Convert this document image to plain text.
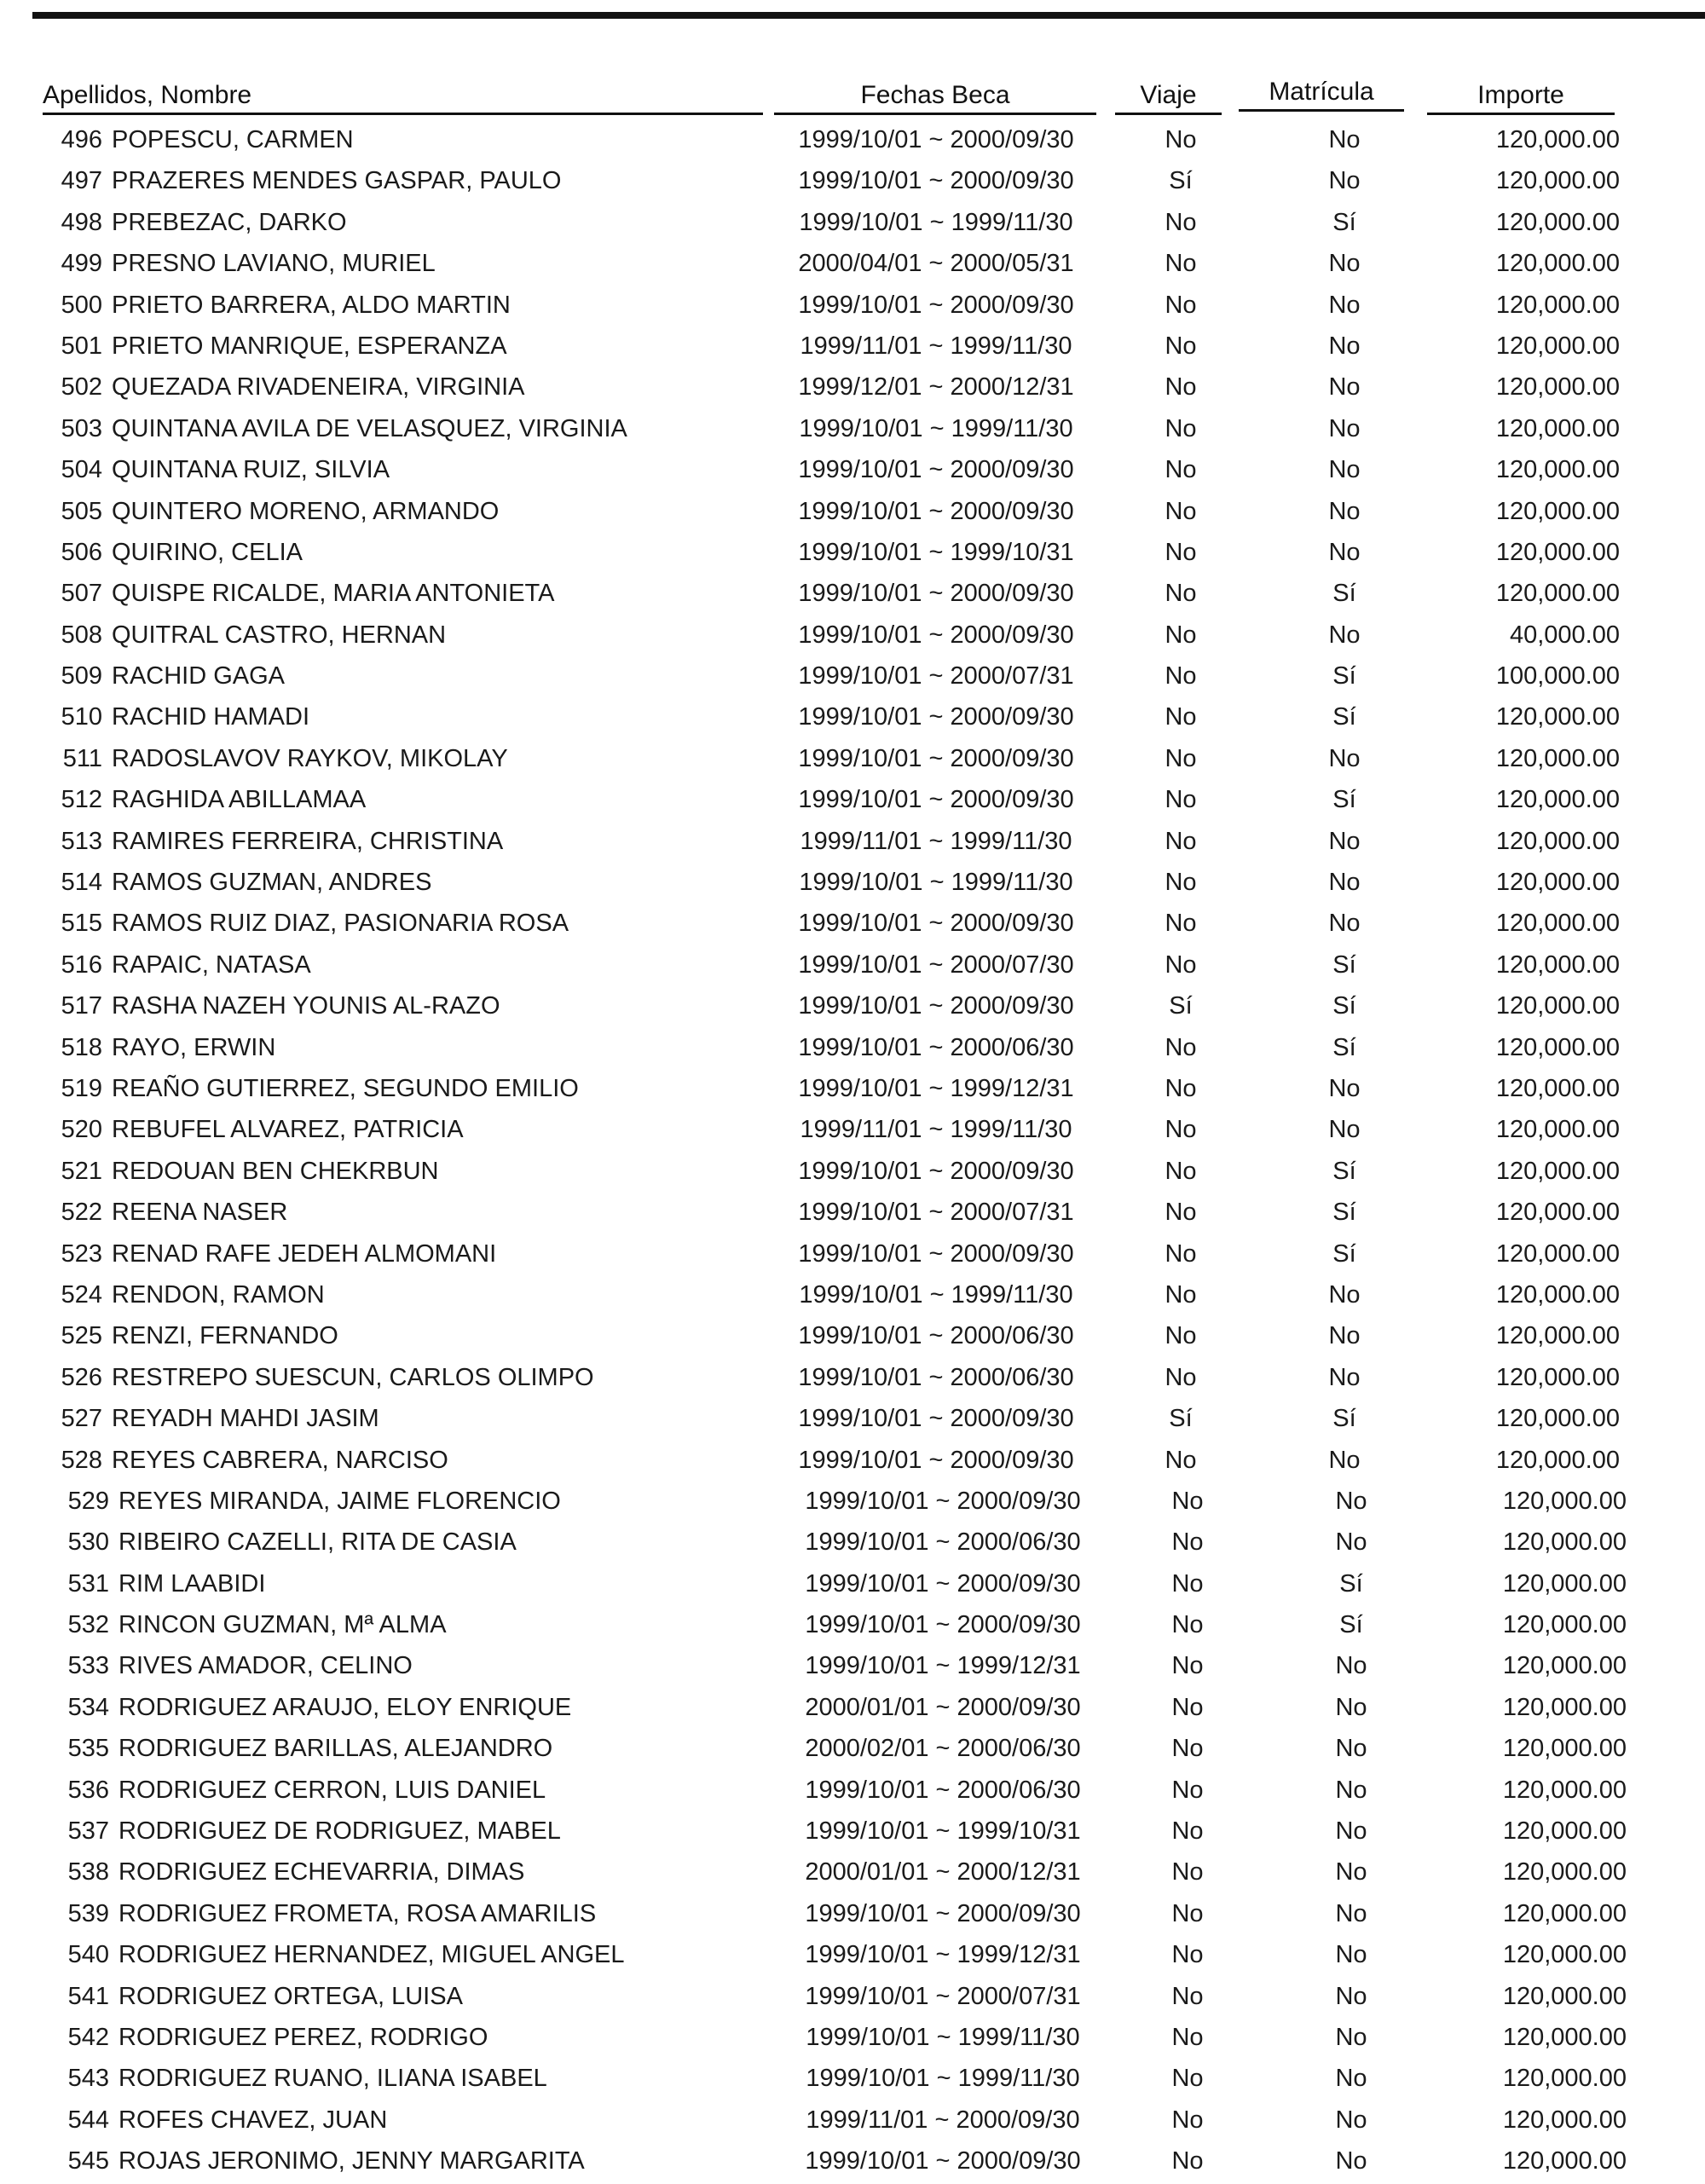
Apellidos, Nombre	Fechas Beca	Viaje	Matrícula	Importe
496 POPESCU, CARMEN	1999/10/01 ~ 2000/09/30	No	No	120,000.00
497 PRAZERES MENDES GASPAR, PAULO	1999/10/01 ~ 2000/09/30	Sí	No	120,000.00
498 PREBEZAC, DARKO	1999/10/01 ~ 1999/11/30	No	Sí	120,000.00
499 PRESNO LAVIANO, MURIEL	2000/04/01 ~ 2000/05/31	No	No	120,000.00
500 PRIETO BARRERA, ALDO MARTIN	1999/10/01 ~ 2000/09/30	No	No	120,000.00
501 PRIETO MANRIQUE, ESPERANZA	1999/11/01 ~ 1999/11/30	No	No	120,000.00
502 QUEZADA RIVADENEIRA, VIRGINIA	1999/12/01 ~ 2000/12/31	No	No	120,000.00
503 QUINTANA AVILA DE VELASQUEZ, VIRGINIA	1999/10/01 ~ 1999/11/30	No	No	120,000.00
504 QUINTANA RUIZ, SILVIA	1999/10/01 ~ 2000/09/30	No	No	120,000.00
505 QUINTERO MORENO, ARMANDO	1999/10/01 ~ 2000/09/30	No	No	120,000.00
506 QUIRINO, CELIA	1999/10/01 ~ 1999/10/31	No	No	120,000.00
507 QUISPE RICALDE, MARIA ANTONIETA	1999/10/01 ~ 2000/09/30	No	Sí	120,000.00
508 QUITRAL CASTRO, HERNAN	1999/10/01 ~ 2000/09/30	No	No	40,000.00
509 RACHID GAGA	1999/10/01 ~ 2000/07/31	No	Sí	100,000.00
510 RACHID HAMADI	1999/10/01 ~ 2000/09/30	No	Sí	120,000.00
511 RADOSLAVOV RAYKOV, MIKOLAY	1999/10/01 ~ 2000/09/30	No	No	120,000.00
512 RAGHIDA ABILLAMAA	1999/10/01 ~ 2000/09/30	No	Sí	120,000.00
513 RAMIRES FERREIRA, CHRISTINA	1999/11/01 ~ 1999/11/30	No	No	120,000.00
514 RAMOS GUZMAN, ANDRES	1999/10/01 ~ 1999/11/30	No	No	120,000.00
515 RAMOS RUIZ DIAZ, PASIONARIA ROSA	1999/10/01 ~ 2000/09/30	No	No	120,000.00
516 RAPAIC, NATASA	1999/10/01 ~ 2000/07/30	No	Sí	120,000.00
517 RASHA NAZEH YOUNIS AL-RAZO	1999/10/01 ~ 2000/09/30	Sí	Sí	120,000.00
518 RAYO, ERWIN	1999/10/01 ~ 2000/06/30	No	Sí	120,000.00
519 REAÑO GUTIERREZ, SEGUNDO EMILIO	1999/10/01 ~ 1999/12/31	No	No	120,000.00
520 REBUFEL ALVAREZ, PATRICIA	1999/11/01 ~ 1999/11/30	No	No	120,000.00
521 REDOUAN BEN CHEKRBUN	1999/10/01 ~ 2000/09/30	No	Sí	120,000.00
522 REENA NASER	1999/10/01 ~ 2000/07/31	No	Sí	120,000.00
523 RENAD RAFE JEDEH ALMOMANI	1999/10/01 ~ 2000/09/30	No	Sí	120,000.00
524 RENDON, RAMON	1999/10/01 ~ 1999/11/30	No	No	120,000.00
525 RENZI, FERNANDO	1999/10/01 ~ 2000/06/30	No	No	120,000.00
526 RESTREPO SUESCUN, CARLOS OLIMPO	1999/10/01 ~ 2000/06/30	No	No	120,000.00
527 REYADH MAHDI JASIM	1999/10/01 ~ 2000/09/30	Sí	Sí	120,000.00
528 REYES CABRERA, NARCISO	1999/10/01 ~ 2000/09/30	No	No	120,000.00
529 REYES MIRANDA, JAIME FLORENCIO	1999/10/01 ~ 2000/09/30	No	No	120,000.00
530 RIBEIRO CAZELLI, RITA DE CASIA	1999/10/01 ~ 2000/06/30	No	No	120,000.00
531 RIM LAABIDI	1999/10/01 ~ 2000/09/30	No	Sí	120,000.00
532 RINCON GUZMAN, Mª ALMA	1999/10/01 ~ 2000/09/30	No	Sí	120,000.00
533 RIVES AMADOR, CELINO	1999/10/01 ~ 1999/12/31	No	No	120,000.00
534 RODRIGUEZ ARAUJO, ELOY ENRIQUE	2000/01/01 ~ 2000/09/30	No	No	120,000.00
535 RODRIGUEZ BARILLAS, ALEJANDRO	2000/02/01 ~ 2000/06/30	No	No	120,000.00
536 RODRIGUEZ CERRON, LUIS DANIEL	1999/10/01 ~ 2000/06/30	No	No	120,000.00
537 RODRIGUEZ DE RODRIGUEZ, MABEL	1999/10/01 ~ 1999/10/31	No	No	120,000.00
538 RODRIGUEZ ECHEVARRIA, DIMAS	2000/01/01 ~ 2000/12/31	No	No	120,000.00
539 RODRIGUEZ FROMETA, ROSA AMARILIS	1999/10/01 ~ 2000/09/30	No	No	120,000.00
540 RODRIGUEZ HERNANDEZ, MIGUEL ANGEL	1999/10/01 ~ 1999/12/31	No	No	120,000.00
541 RODRIGUEZ ORTEGA, LUISA	1999/10/01 ~ 2000/07/31	No	No	120,000.00
542 RODRIGUEZ PEREZ, RODRIGO	1999/10/01 ~ 1999/11/30	No	No	120,000.00
543 RODRIGUEZ RUANO, ILIANA ISABEL	1999/10/01 ~ 1999/11/30	No	No	120,000.00
544 ROFES CHAVEZ, JUAN	1999/11/01 ~ 2000/09/30	No	No	120,000.00
545 ROJAS JERONIMO, JENNY MARGARITA	1999/10/01 ~ 2000/09/30	No	No	120,000.00
